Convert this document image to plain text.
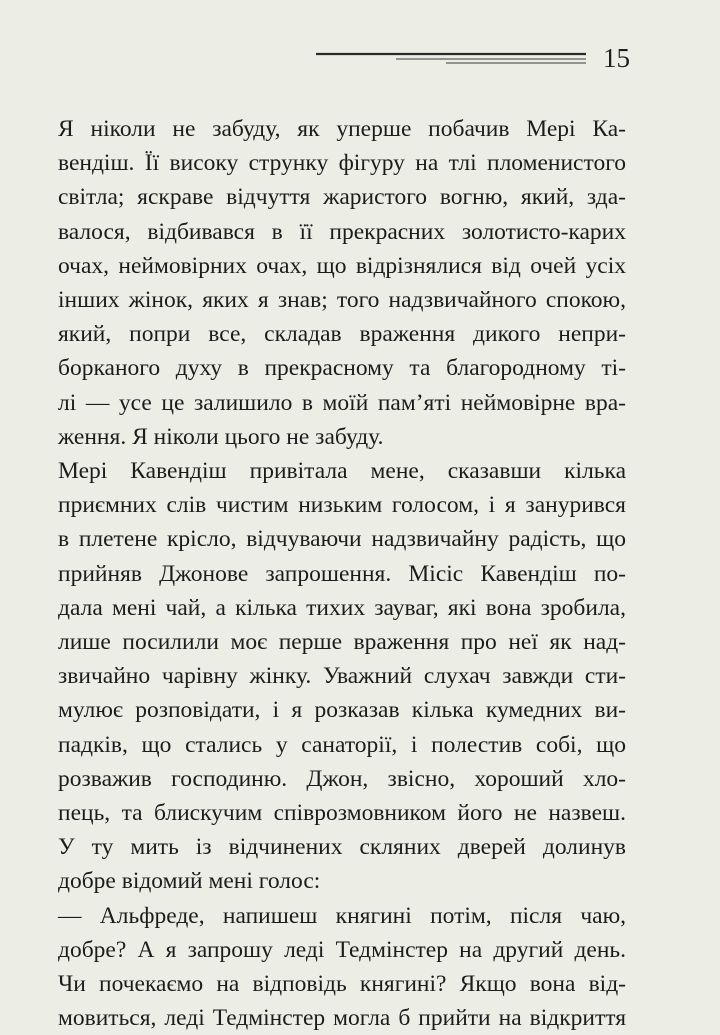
15
Я ніколи не забуду, як уперше побачив Мері Ка-
вендіш. Її високу струнку фігуру на тлі пломенистого
світла; яскраве відчуття жаристого вогню, який, зда-
валося, відбивався в її прекрасних золотисто-карих
очах, неймовірних очах, що відрізнялися від очей усіх
інших жінок, яких я знав; того надзвичайного спокою,
який, попри все, складав враження дикого непри-
борканого духу в прекрасному та благородному ті-
лі — усе це залишило в моїй пам’яті неймовірне вра-
ження. Я ніколи цього не забуду.
Мері Кавендіш привітала мене, сказавши кілька
приємних слів чистим низьким голосом, і я занурився
в плетене крісло, відчуваючи надзвичайну радість, що
прийняв Джонове запрошення. Місіс Кавендіш по-
дала мені чай, а кілька тихих зауваг, які вона зробила,
лише посилили моє перше враження про неї як над-
звичайно чарівну жінку. Уважний слухач завжди сти-
мулює розповідати, і я розказав кілька кумедних ви-
падків, що стались у санаторії, і полестив собі, що
розважив господиню. Джон, звісно, хороший хло-
пець, та блискучим співрозмовником його не назвеш.
У ту мить із відчинених скляних дверей долинув
добре відомий мені голос:
— Альфреде, напишеш княгині потім, після чаю,
добре? А я запрошу леді Тедмінстер на другий день.
Чи почекаємо на відповідь княгині? Якщо вона від-
мовиться, леді Тедмінстер могла б прийти на відкриття
